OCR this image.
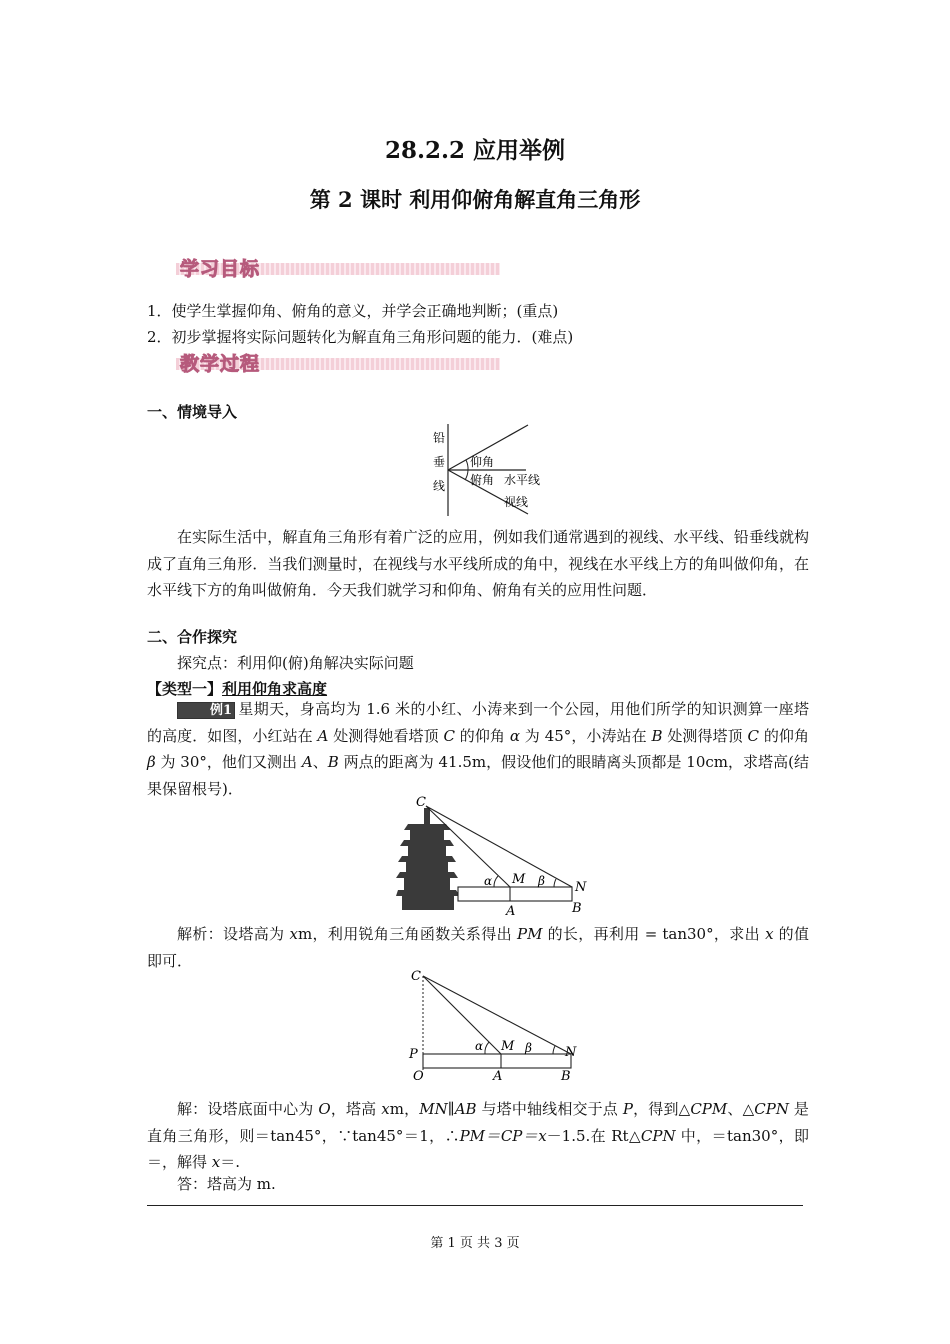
28.2.2 应用举例
第 2 课时 利用仰俯角解直角三角形
学习目标
1．使学生掌握仰角、俯角的意义，并学会正确地判断；(重点)
2．初步掌握将实际问题转化为解直角三角形问题的能力．(难点)
教学过程
一、情境导入
铅
垂
线
仰角
俯角 水平线
视线
在实际生活中，解直角三角形有着广泛的应用，例如我们通常遇到的视线、水平线、铅垂线就构成了直角三角形．当我们测量时，在视线与水平线所成的角中，视线在水平线上方的角叫做仰角，在水平线下方的角叫做俯角．今天我们就学习和仰角、俯角有关的应用性问题．
二、合作探究
探究点：利用仰(俯)角解决实际问题
【类型一】利用仰角求高度
例1 星期天，身高均为 1.6 米的小红、小涛来到一个公园，用他们所学的知识测算一座塔的高度．如图，小红站在 A 处测得她看塔顶 C 的仰角 α 为 45°，小涛站在 B 处测得塔顶 C 的仰角 β 为 30°，他们又测出 A、B 两点的距离为 41.5m，假设他们的眼睛离头顶都是 10cm，求塔高(结果保留根号)．
C
α M β N
A	B
解析：设塔高为 xm，利用锐角三角函数关系得出 PM 的长，再利用 = tan30°，求出 x 的值即可．
C
P
O
α M β	N
A	B
解：设塔底面中心为 O，塔高 xm，MN∥AB 与塔中轴线相交于点 P，得到△CPM、△CPN 是直角三角形，则＝tan45°，∵tan45°＝1，∴PM＝CP＝x－1.5.在 Rt△CPN 中，＝tan30°，即＝，解得 x＝.
答：塔高为 m.
第 1 页 共 3 页
